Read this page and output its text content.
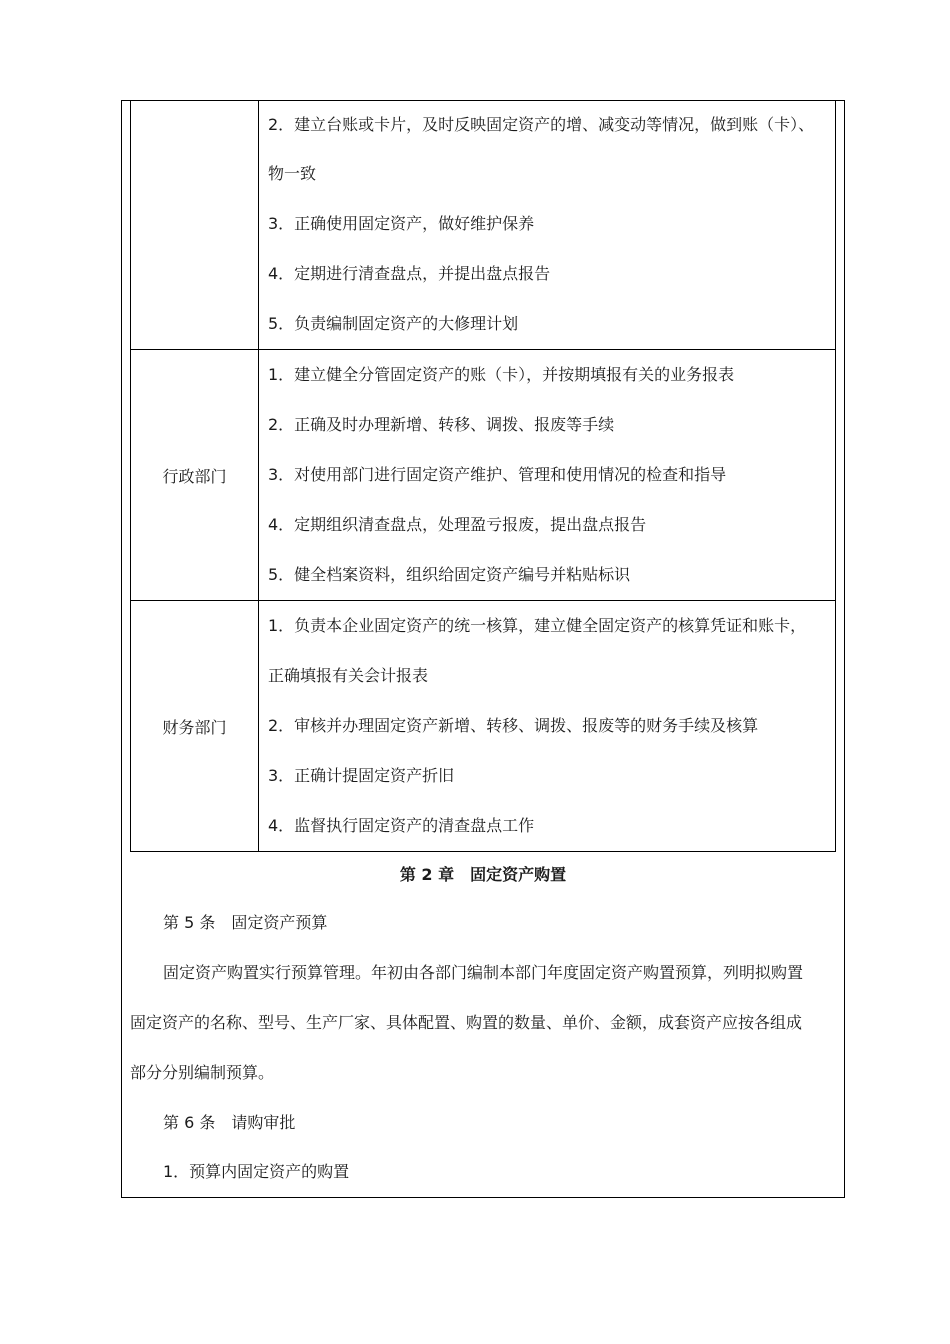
	2．建立台账或卡片，及时反映固定资产的增、减变动等情况，做到账（卡）、
物一致
3．正确使用固定资产，做好维护保养
4．定期进行清查盘点，并提出盘点报告
5．负责编制固定资产的大修理计划

行政部门	1．建立健全分管固定资产的账（卡），并按期填报有关的业务报表
2．正确及时办理新增、转移、调拨、报废等手续
3．对使用部门进行固定资产维护、管理和使用情况的检查和指导
4．定期组织清查盘点，处理盈亏报废，提出盘点报告
5．健全档案资料，组织给固定资产编号并粘贴标识

财务部门	1．负责本企业固定资产的统一核算，建立健全固定资产的核算凭证和账卡，
正确填报有关会计报表
2．审核并办理固定资产新增、转移、调拨、报废等的财务手续及核算
3．正确计提固定资产折旧
4．监督执行固定资产的清查盘点工作
第 2 章 固定资产购置
第 5 条 固定资产预算
固定资产购置实行预算管理。年初由各部门编制本部门年度固定资产购置预算，列明拟购置
固定资产的名称、型号、生产厂家、具体配置、购置的数量、单价、金额，成套资产应按各组成
部分分别编制预算。
第 6 条 请购审批
1．预算内固定资产的购置
